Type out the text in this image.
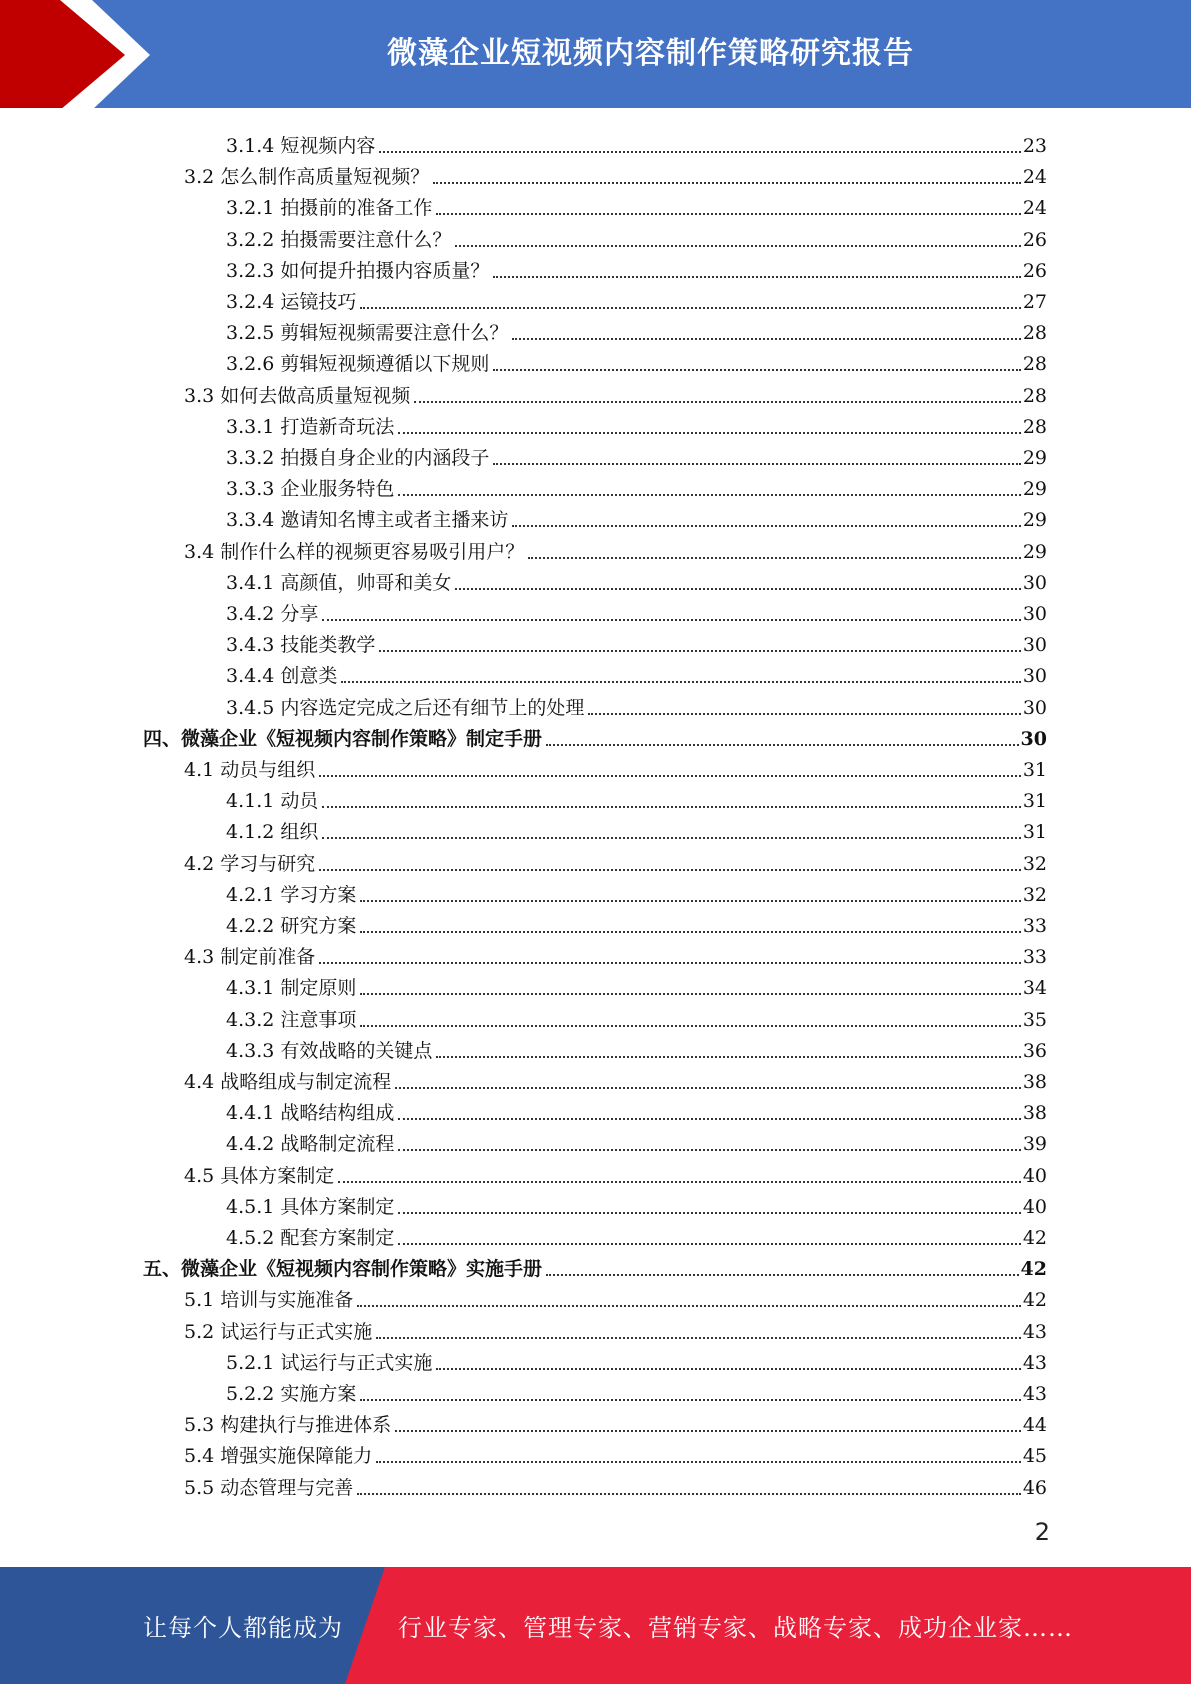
微藻企业短视频内容制作策略研究报告
3.1.4 短视频内容	23
3.2 怎么制作高质量短视频？	24
3.2.1 拍摄前的准备工作	24
3.2.2 拍摄需要注意什么？	26
3.2.3 如何提升拍摄内容质量？	26
3.2.4 运镜技巧	27
3.2.5 剪辑短视频需要注意什么？	28
3.2.6 剪辑短视频遵循以下规则	28
3.3 如何去做高质量短视频	28
3.3.1 打造新奇玩法	28
3.3.2 拍摄自身企业的内涵段子	29
3.3.3 企业服务特色	29
3.3.4 邀请知名博主或者主播来访	29
3.4 制作什么样的视频更容易吸引用户？	29
3.4.1 高颜值，帅哥和美女	30
3.4.2 分享	30
3.4.3 技能类教学	30
3.4.4 创意类	30
3.4.5 内容选定完成之后还有细节上的处理	30
四、微藻企业《短视频内容制作策略》制定手册	30
4.1 动员与组织	31
4.1.1 动员	31
4.1.2 组织	31
4.2 学习与研究	32
4.2.1 学习方案	32
4.2.2 研究方案	33
4.3 制定前准备	33
4.3.1 制定原则	34
4.3.2 注意事项	35
4.3.3 有效战略的关键点	36
4.4 战略组成与制定流程	38
4.4.1 战略结构组成	38
4.4.2 战略制定流程	39
4.5 具体方案制定	40
4.5.1 具体方案制定	40
4.5.2 配套方案制定	42
五、微藻企业《短视频内容制作策略》实施手册	42
5.1 培训与实施准备	42
5.2 试运行与正式实施	43
5.2.1 试运行与正式实施	43
5.2.2 实施方案	43
5.3 构建执行与推进体系	44
5.4 增强实施保障能力	45
5.5 动态管理与完善	46
2
让每个人都能成为 行业专家、管理专家、营销专家、战略专家、成功企业家……
